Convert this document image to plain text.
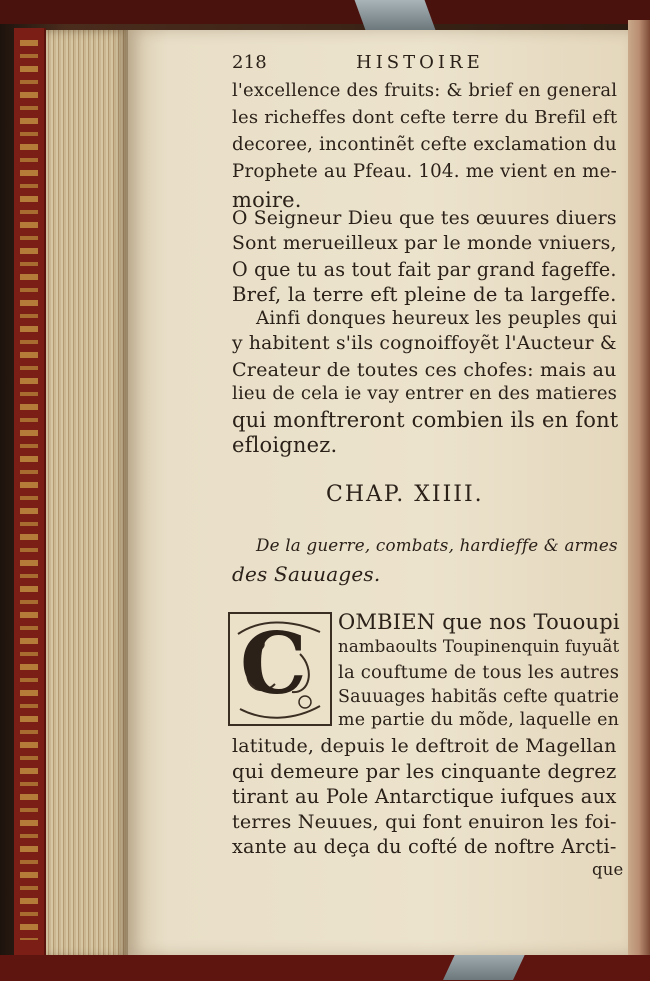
218	HISTOIRE
l'excellence des fruits: & brief en general
les richeffes dont cefte terre du Brefil eft
decoree, incontinẽt cefte exclamation du
Prophete au Pfeau. 104. me vient en me-
moire.
O Seigneur Dieu que tes œuures diuers
Sont merueilleux par le monde vniuers,
O que tu as tout fait par grand fageffe.
Bref, la terre eft pleine de ta largeffe.
Ainfi donques heureux les peuples qui
y habitent s'ils cognoiffoyẽt l'Aucteur &
Createur de toutes ces chofes: mais au
lieu de cela ie vay entrer en des matieres
qui monftreront combien ils en font
efloignez.
CHAP. XIIII.
De la guerre, combats, hardieffe & armes
des Sauuages.
C OMBIEN que nos Tououpi
nambaoults Toupinenquin fuyuãt
la couftume de tous les autres
Sauuages habitãs cefte quatrie
me partie du mõde, laquelle en
latitude, depuis le deftroit de Magellan
qui demeure par les cinquante degrez
tirant au Pole Antarctique iufques aux
terres Neuues, qui font enuiron les foi-
xante au deça du cofté de noftre Arcti-
que
